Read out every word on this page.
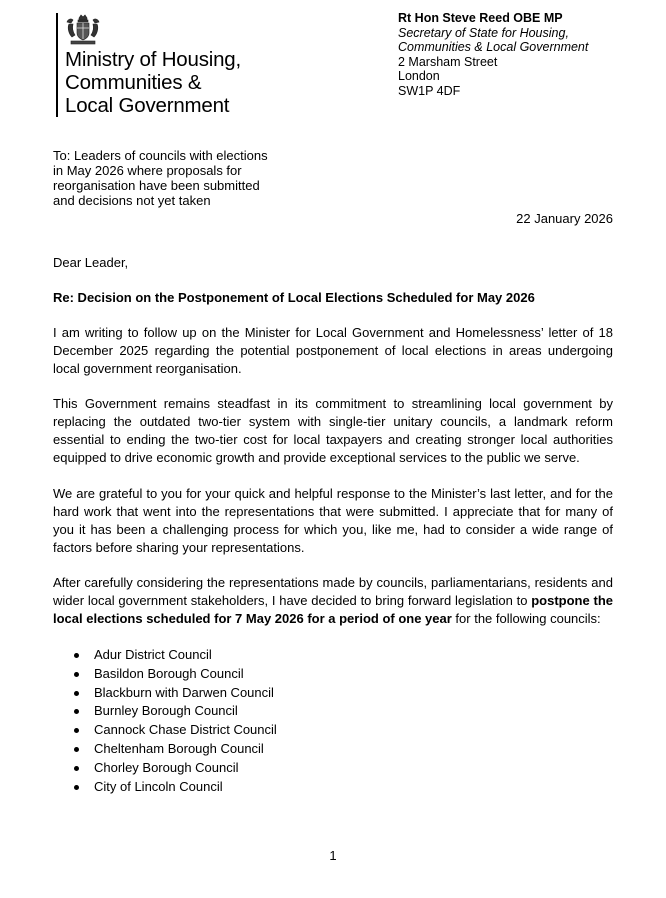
Ministry of Housing,
Communities &
Local Government
Rt Hon Steve Reed OBE MP
Secretary of State for Housing,
Communities & Local Government
2 Marsham Street
London
SW1P 4DF
To: Leaders of councils with elections
in May 2026 where proposals for
reorganisation have been submitted
and decisions not yet taken
22 January 2026
Dear Leader,
Re: Decision on the Postponement of Local Elections Scheduled for May 2026

I am writing to follow up on the Minister for Local Government and Homelessness’ letter of 18 December 2025 regarding the potential postponement of local elections in areas undergoing local government reorganisation.

This Government remains steadfast in its commitment to streamlining local government by replacing the outdated two-tier system with single-tier unitary councils, a landmark reform essential to ending the two-tier cost for local taxpayers and creating stronger local authorities equipped to drive economic growth and provide exceptional services to the public we serve.

We are grateful to you for your quick and helpful response to the Minister’s last letter, and for the hard work that went into the representations that were submitted. I appreciate that for many of you it has been a challenging process for which you, like me, had to consider a wide range of factors before sharing your representations.

After carefully considering the representations made by councils, parliamentarians, residents and wider local government stakeholders, I have decided to bring forward legislation to postpone the local elections scheduled for 7 May 2026 for a period of one year for the following councils:

Adur District Council
Basildon Borough Council
Blackburn with Darwen Council
Burnley Borough Council
Cannock Chase District Council
Cheltenham Borough Council
Chorley Borough Council
City of Lincoln Council
1
